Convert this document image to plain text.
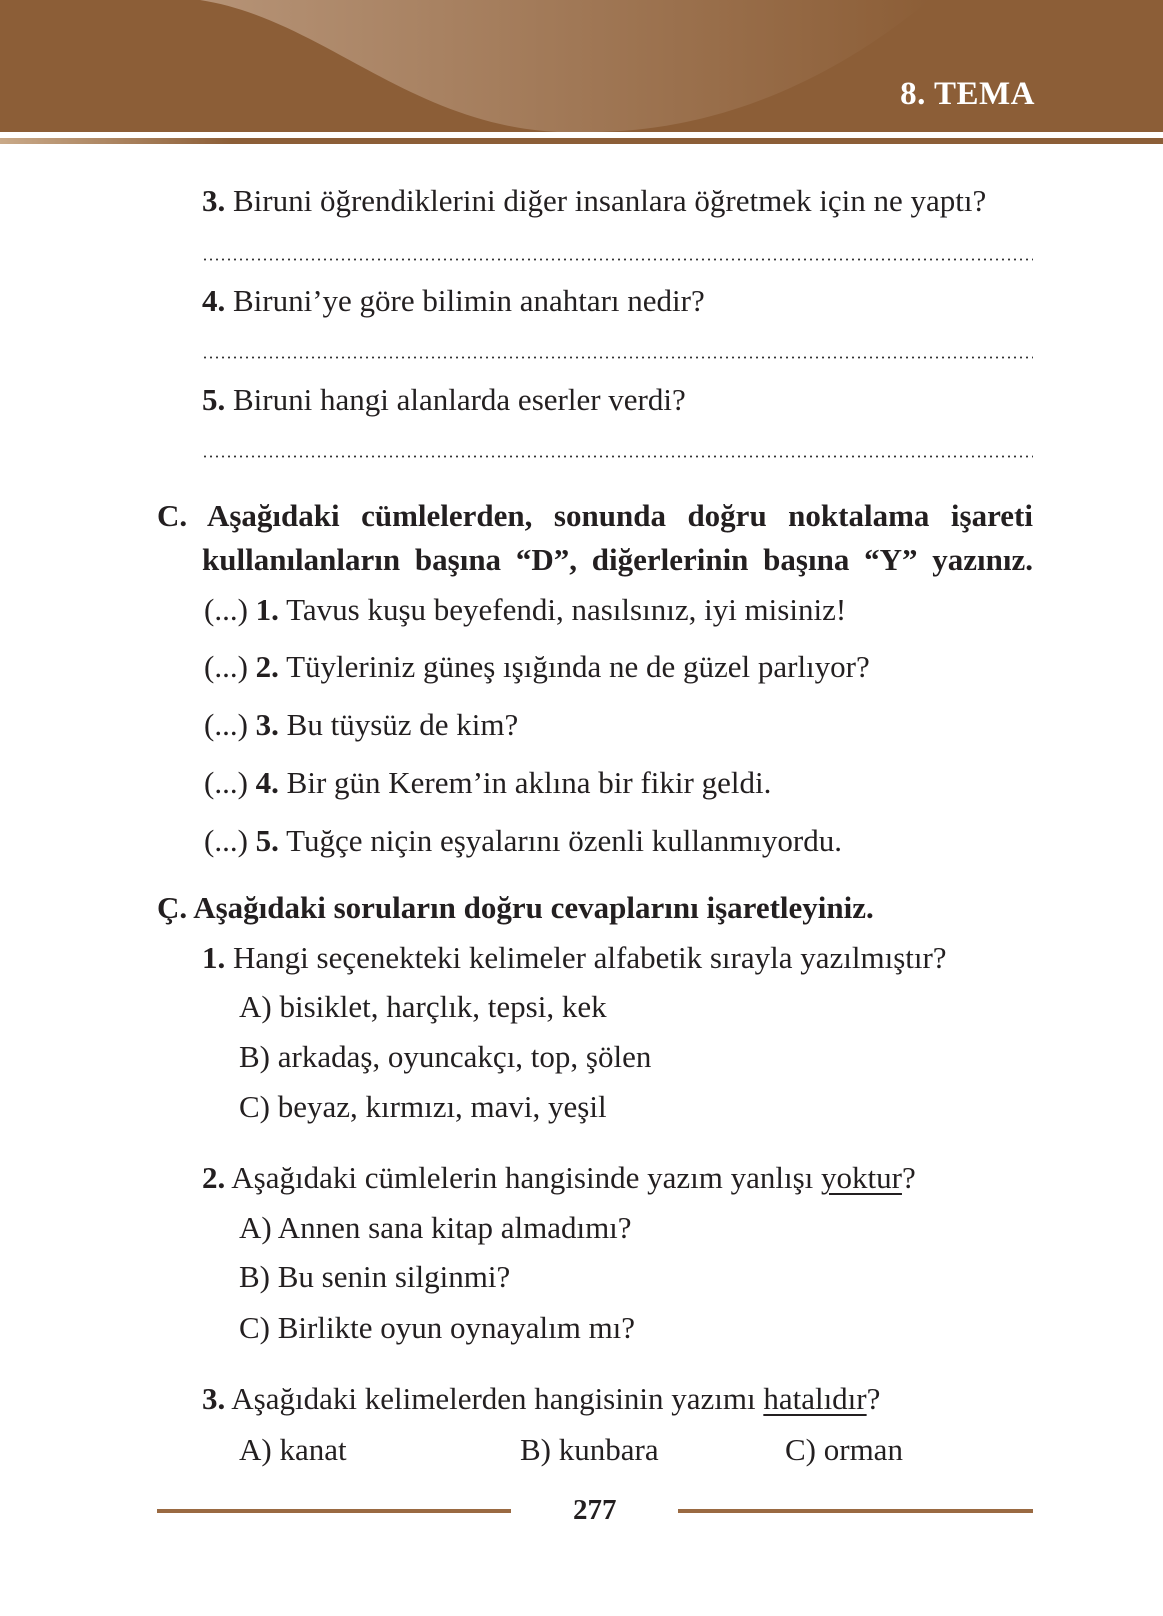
8. TEMA
3. Biruni öğrendiklerini diğer insanlara öğretmek için ne yaptı?
4. Biruni’ye göre bilimin anahtarı nedir?
5. Biruni hangi alanlarda eserler verdi?
C. Aşağıdaki cümlelerden, sonunda doğru noktalama işareti
kullanılanların başına “D”, diğerlerinin başına “Y” yazınız.
(...) 1. Tavus kuşu beyefendi, nasılsınız, iyi misiniz!
(...) 2. Tüyleriniz güneş ışığında ne de güzel parlıyor?
(...) 3. Bu tüysüz de kim?
(...) 4. Bir gün Kerem’in aklına bir fikir geldi.
(...) 5. Tuğçe niçin eşyalarını özenli kullanmıyordu.
Ç. Aşağıdaki soruların doğru cevaplarını işaretleyiniz.
1. Hangi seçenekteki kelimeler alfabetik sırayla yazılmıştır?
A) bisiklet, harçlık, tepsi, kek
B) arkadaş, oyuncakçı, top, şölen
C) beyaz, kırmızı, mavi, yeşil
2. Aşağıdaki cümlelerin hangisinde yazım yanlışı yoktur?
A) Annen sana kitap almadımı?
B) Bu senin silginmi?
C) Birlikte oyun oynayalım mı?
3. Aşağıdaki kelimelerden hangisinin yazımı hatalıdır?
A) kanat	B) kunbara	C) orman
277
